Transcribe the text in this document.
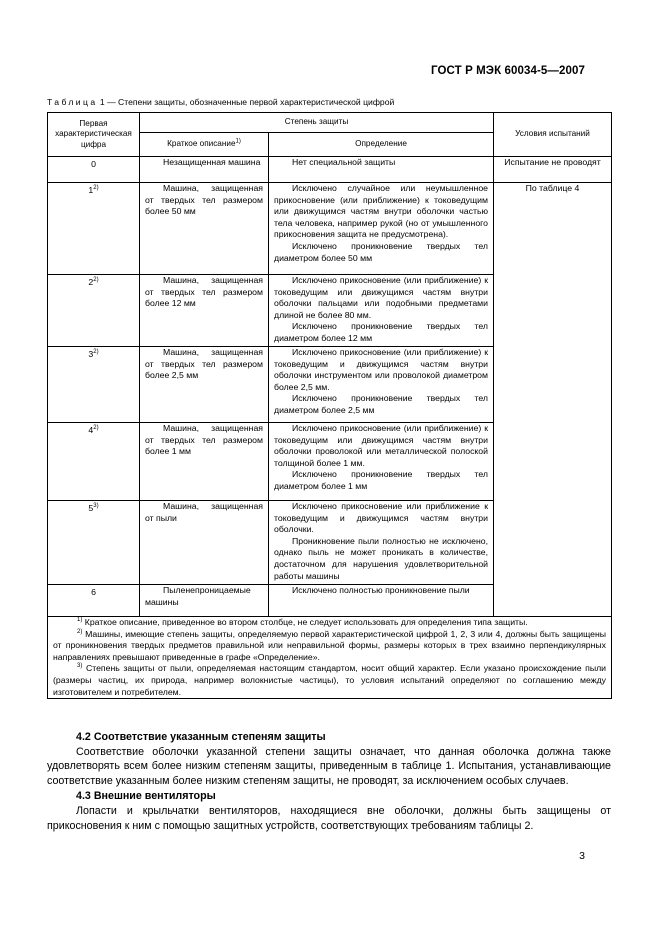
ГОСТ Р МЭК 60034-5—2007
Таблица 1 — Степени защиты, обозначенные первой характеристической цифрой
Первая характеристическая цифра	Степень защиты		Условия испытаний
	Краткое описание$^{1)}$	Определение	
0	Незащищенная машина	Нет специальной защиты	Испытание не проводят
1$^{2)}$	Машина, защищенная от твердых тел размером более 50 мм	Исключено случайное или неумышленное прикосновение (или приближение) к токоведущим или движущимся частям внутри оболочки частью тела человека, например рукой (но от умышленного прикосновения защита не предусмотрена).
Исключено проникновение твердых тел диаметром более 50 мм	По таблице 4
2$^{2)}$	Машина, защищенная от твердых тел размером более 12 мм	Исключено прикосновение (или приближение) к токоведущим или движущимся частям внутри оболочки пальцами или подобными предметами длиной не более 80 мм.
Исключено проникновение твердых тел диаметром более 12 мм	

3$^{2)}$	Машина, защищенная от твердых тел размером более 2,5 мм	Исключено прикосновение (или приближение) к токоведущим и движущимся частям внутри оболочки инструментом или проволокой диаметром более 2,5 мм.
Исключено проникновение твердых тел диаметром более 2,5 мм	

4$^{2)}$	Машина, защищенная от твердых тел размером более 1 мм	Исключено прикосновение (или приближение) к токоведущим или движущимся частям внутри оболочки проволокой или металлической полоской толщиной более 1 мм.
Исключено проникновение твердых тел диаметром более 1 мм	

5$^{3)}$	Машина, защищенная от пыли	Исключено прикосновение или приближение к токоведущим и движущимся частям внутри оболочки.
Проникновение пыли полностью не исключено, однако пыль не может проникать в количестве, достаточном для нарушения удовлетворительной работы машины	

6	Пыленепроницаемые машины	Исключено полностью проникновение пыли	

$^{1)}$ Краткое описание, приведенное во втором столбце, не следует использовать для определения типа защиты.
$^{2)}$ Машины, имеющие степень защиты, определяемую первой характеристической цифрой 1, 2, 3 или 4, должны быть защищены от проникновения твердых предметов правильной или неправильной формы, размеры которых в трех взаимно перпендикулярных направлениях превышают приведенные в графе «Определение».
$^{3)}$ Степень защиты от пыли, определяемая настоящим стандартом, носит общий характер. Если указано происхождение пыли (размеры частиц, их природа, например волокнистые частицы), то условия испытаний определяют по соглашению между изготовителем и потребителем.			
4.2 Соответствие указанным степеням защиты
Соответствие оболочки указанной степени защиты означает, что данная оболочка должна также удовлетворять всем более низким степеням защиты, приведенным в таблице 1. Испытания, устанавливающие соответствие указанным более низким степеням защиты, не проводят, за исключением особых случаев.
4.3 Внешние вентиляторы
Лопасти и крыльчатки вентиляторов, находящиеся вне оболочки, должны быть защищены от прикосновения к ним с помощью защитных устройств, соответствующих требованиям таблицы 2.
3
